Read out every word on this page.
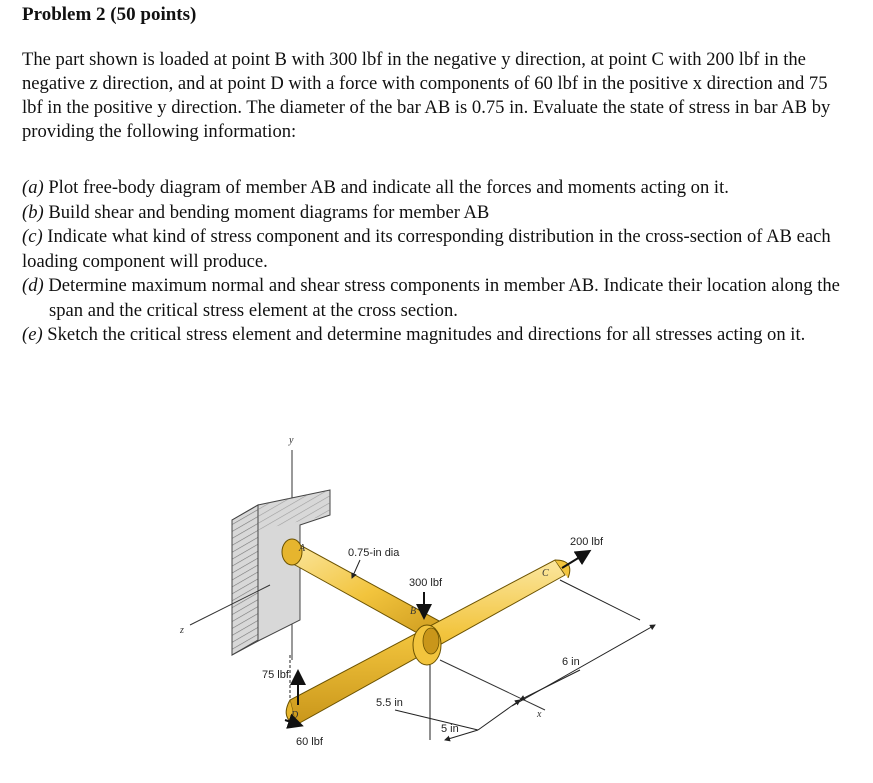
Problem 2 (50 points)
The part shown is loaded at point B with 300 lbf in the negative y direction, at point C with 200 lbf in the negative z direction, and at point D with a force with components of 60 lbf in the positive x direction and 75 lbf in the positive y direction. The diameter of the bar AB is 0.75 in. Evaluate the state of stress in bar AB by providing the following information:

(a) Plot free-body diagram of member AB and indicate all the forces and moments acting on it.

(b) Build shear and bending moment diagrams for member AB

(c) Indicate what kind of stress component and its corresponding distribution in the cross-section of AB each loading component will produce.

(d) Determine maximum normal and shear stress components in member AB. Indicate their location along the span and the critical stress element at the cross section.

(e) Sketch the critical stress element and determine magnitudes and directions for all stresses acting on it.

y
z
x
A
B
C
D
300 lbf
200 lbf
75 lbf
60 lbf
0.75-in dia
5.5 in
5 in
6 in
